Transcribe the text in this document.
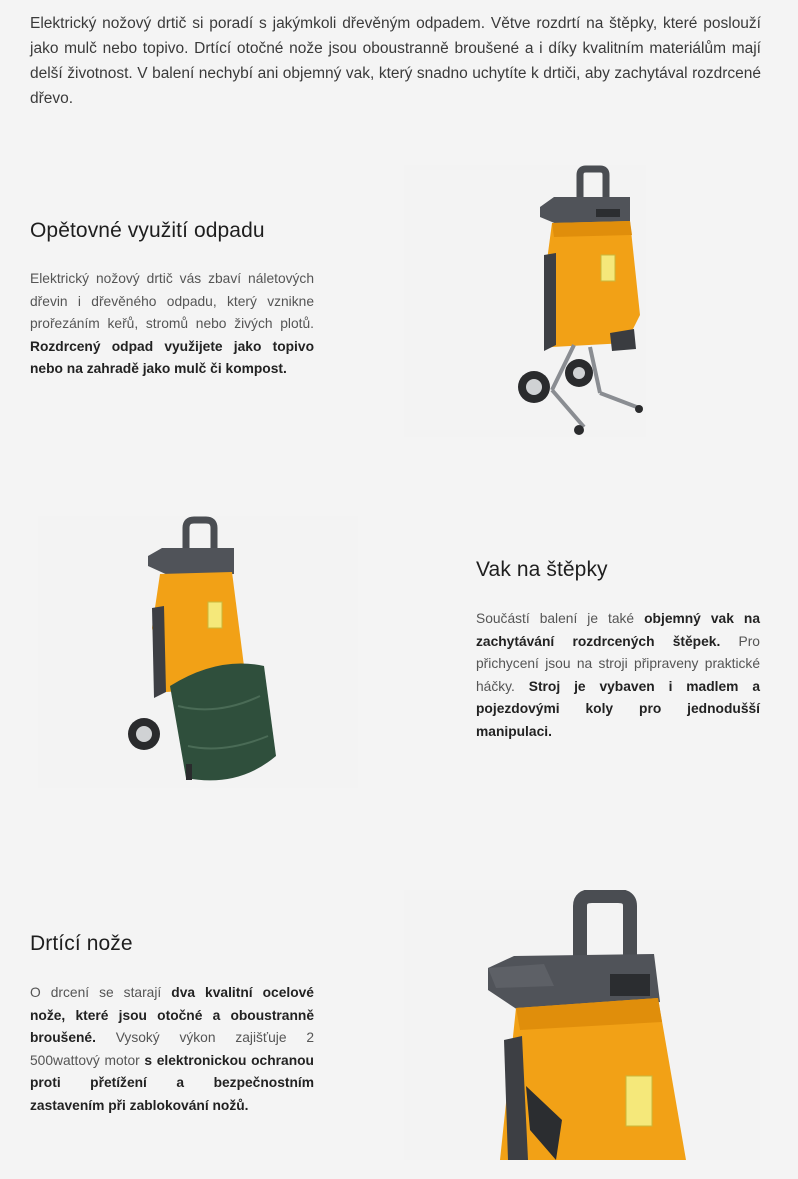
Elektrický nožový drtič si poradí s jakýmkoli dřevěným odpadem. Větve rozdrtí na štěpky, které poslouží jako mulč nebo topivo. Drtící otočné nože jsou oboustranně broušené a i díky kvalitním materiálům mají delší životnost. V balení nechybí ani objemný vak, který snadno uchytíte k drtiči, aby zachytával rozdrcené dřevo.

Opětovné využití odpadu
Elektrický nožový drtič vás zbaví náletových dřevin i dřevěného odpadu, který vznikne prořezáním keřů, stromů nebo živých plotů. Rozdrcený odpad využijete jako topivo nebo na zahradě jako mulč či kompost.
Vak na štěpky
Součástí balení je také objemný vak na zachytávání rozdrcených štěpek. Pro přichycení jsou na stroji připraveny praktické háčky. Stroj je vybaven i madlem a pojezdovými koly pro jednodušší manipulaci.
Drtící nože
O drcení se starají dva kvalitní ocelové nože, které jsou otočné a oboustranně broušené. Vysoký výkon zajišťuje 2 500wattový motor s elektronickou ochranou proti přetížení a bezpečnostním zastavením při zablokování nožů.
